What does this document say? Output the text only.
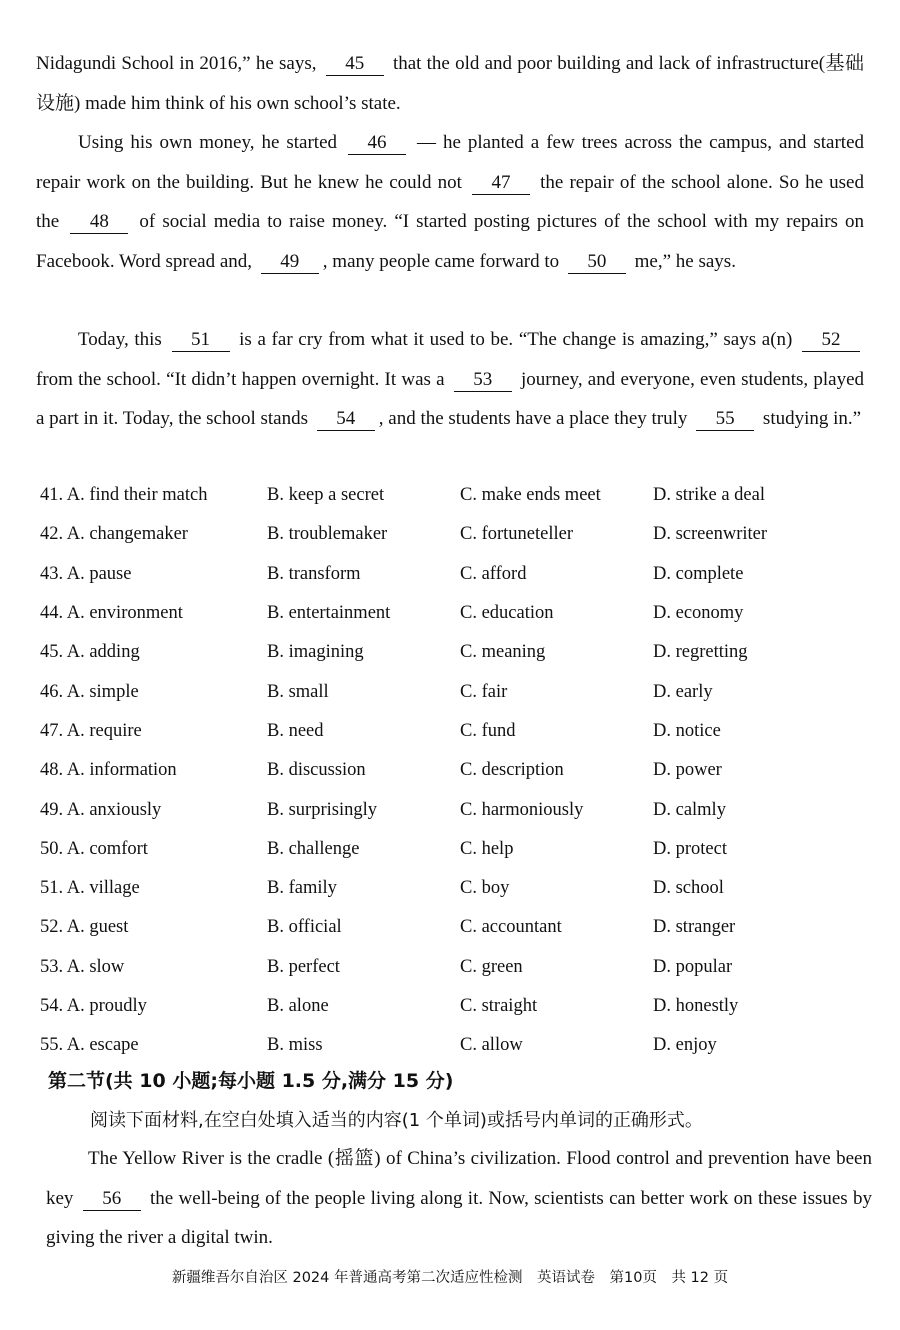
Nidagundi School in 2016,” he says, 45 that the old and poor building and lack of infrastructure(基础设施) made him think of his own school’s state.
Using his own money, he started 46 — he planted a few trees across the campus, and started repair work on the building. But he knew he could not 47 the repair of the school alone. So he used the 48 of social media to raise money. “I started posting pictures of the school with my repairs on Facebook. Word spread and, 49 , many people came forward to 50 me,” he says.
Today, this 51 is a far cry from what it used to be. “The change is amazing,” says a(n) 52 from the school. “It didn’t happen overnight. It was a 53 journey, and everyone, even students, played a part in it. Today, the school stands 54 , and the students have a place they truly 55 studying in.”
41. A. find their match	B. keep a secret	C. make ends meet	D. strike a deal
42. A. changemaker	B. troublemaker	C. fortuneteller	D. screenwriter
43. A. pause	B. transform	C. afford	D. complete
44. A. environment	B. entertainment	C. education	D. economy
45. A. adding	B. imagining	C. meaning	D. regretting
46. A. simple	B. small	C. fair	D. early
47. A. require	B. need	C. fund	D. notice
48. A. information	B. discussion	C. description	D. power
49. A. anxiously	B. surprisingly	C. harmoniously	D. calmly
50. A. comfort	B. challenge	C. help	D. protect
51. A. village	B. family	C. boy	D. school
52. A. guest	B. official	C. accountant	D. stranger
53. A. slow	B. perfect	C. green	D. popular
54. A. proudly	B. alone	C. straight	D. honestly
55. A. escape	B. miss	C. allow	D. enjoy
第二节(共 10 小题;每小题 1.5 分,满分 15 分)
阅读下面材料,在空白处填入适当的内容(1 个单词)或括号内单词的正确形式。
The Yellow River is the cradle (摇篮) of China’s civilization. Flood control and prevention have been key 56 the well-being of the people living along it. Now, scientists can better work on these issues by giving the river a digital twin.
新疆维吾尔自治区 2024 年普通高考第二次适应性检测　英语试卷　第10页　共 12 页
